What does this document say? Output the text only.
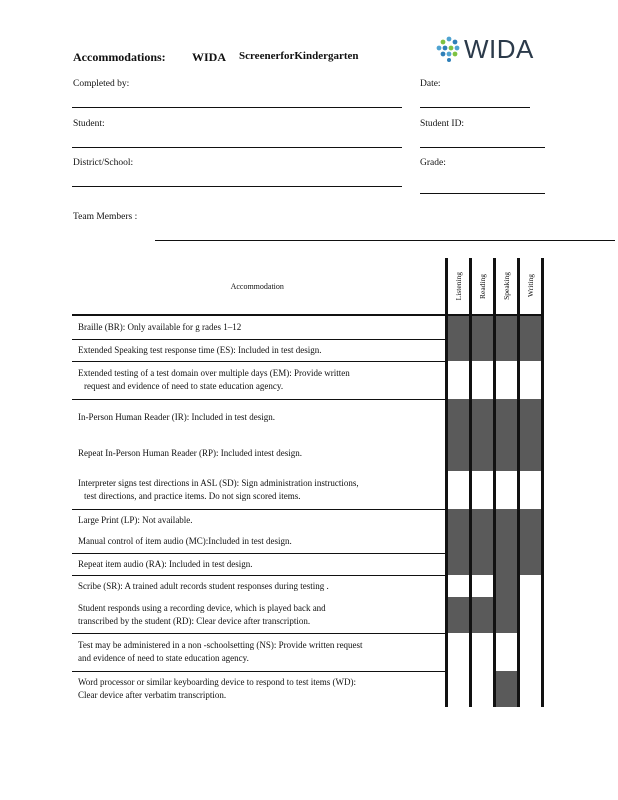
Accommodations: WIDA ScreenerforKindergarten	WIDA
Completed by:	Date:
Student:	Student ID:
District/School:	Grade:
Team Members :
Accommodation	Listening	Reading	Speaking	Writing

Braille (BR): Only available for g rades 1–12				
Extended Speaking test response time (ES): Included in test design.				

Extended testing of a test domain over multiple days (EM): Provide written
request and evidence of need to state education agency.				

In-Person Human Reader (IR): Included in test design.				
Repeat In-Person Human Reader (RP): Included intest design.				

Interpreter signs test directions in ASL (SD): Sign administration instructions,
test directions, and practice items. Do not sign scored items.				

Large Print (LP): Not available.				
Manual control of item audio (MC):Included in test design.				
Repeat item audio (RA): Included in test design.				
Scribe (SR): A trained adult records student responses during testing .				

Student responds using a recording device, which is played back and
transcribed by the student (RD): Clear device after transcription.				

Test may be administered in a non -schoolsetting (NS): Provide written request
and evidence of need to state education agency.				

Word processor or similar keyboarding device to respond to test items (WD):
Clear device after verbatim transcription.				
